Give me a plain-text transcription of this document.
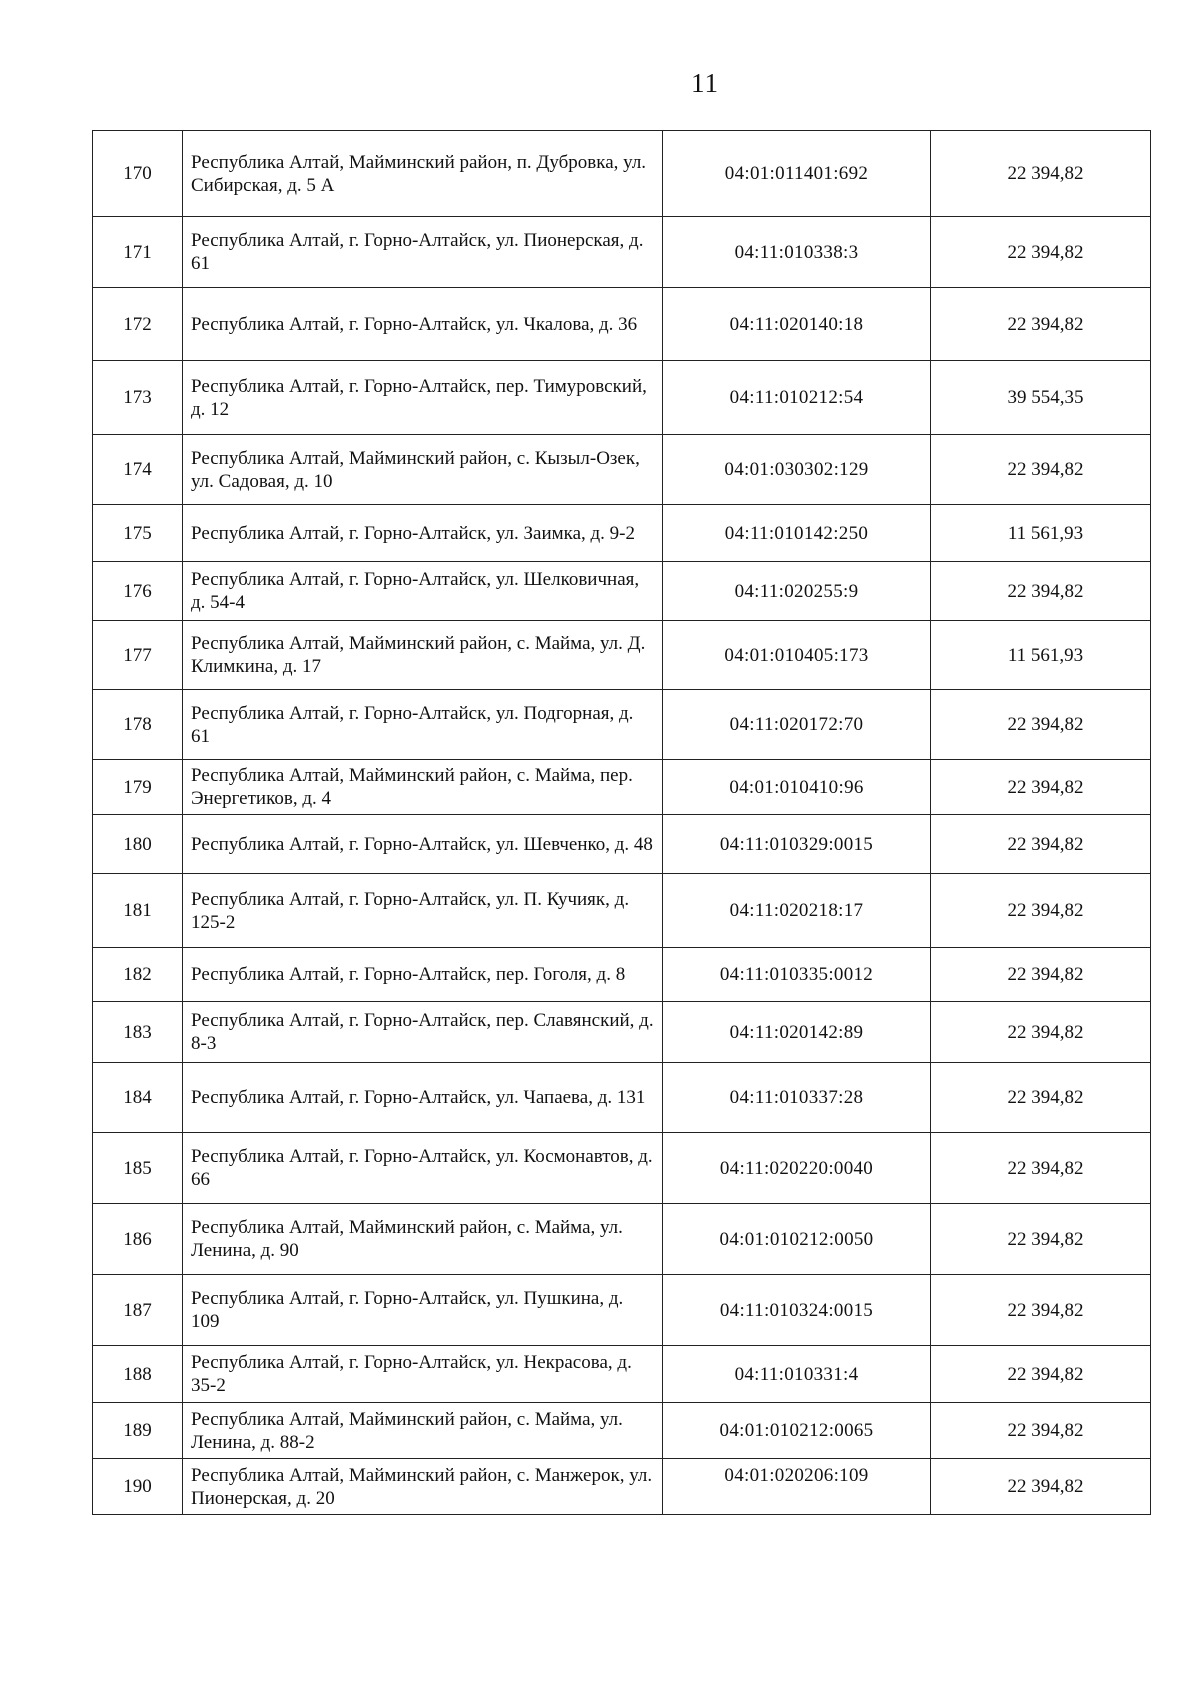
11
170	Республика Алтай, Майминский район, п. Дубровка, ул. Сибирская, д. 5 А	04:01:011401:692	22 394,82
171	Республика Алтай, г. Горно-Алтайск, ул. Пионерская, д. 61	04:11:010338:3	22 394,82
172	Республика Алтай, г. Горно-Алтайск, ул. Чкалова, д. 36	04:11:020140:18	22 394,82
173	Республика Алтай, г. Горно-Алтайск, пер. Тимуровский, д. 12	04:11:010212:54	39 554,35
174	Республика Алтай, Майминский район, с. Кызыл-Озек, ул. Садовая, д. 10	04:01:030302:129	22 394,82
175	Республика Алтай, г. Горно-Алтайск, ул. Заимка, д. 9-2	04:11:010142:250	11 561,93
176	Республика Алтай, г. Горно-Алтайск, ул. Шелковичная, д. 54-4	04:11:020255:9	22 394,82
177	Республика Алтай, Майминский район, с. Майма, ул. Д. Климкина, д. 17	04:01:010405:173	11 561,93
178	Республика Алтай, г. Горно-Алтайск, ул. Подгорная, д. 61	04:11:020172:70	22 394,82
179	Республика Алтай, Майминский район, с. Майма, пер. Энергетиков, д. 4	04:01:010410:96	22 394,82
180	Республика Алтай, г. Горно-Алтайск, ул. Шевченко, д. 48	04:11:010329:0015	22 394,82
181	Республика Алтай, г. Горно-Алтайск, ул. П. Кучияк, д. 125-2	04:11:020218:17	22 394,82
182	Республика Алтай, г. Горно-Алтайск, пер. Гоголя, д. 8	04:11:010335:0012	22 394,82
183	Республика Алтай, г. Горно-Алтайск, пер. Славянский, д. 8-3	04:11:020142:89	22 394,82
184	Республика Алтай, г. Горно-Алтайск, ул. Чапаева, д. 131	04:11:010337:28	22 394,82
185	Республика Алтай, г. Горно-Алтайск, ул. Космонавтов, д. 66	04:11:020220:0040	22 394,82
186	Республика Алтай, Майминский район, с. Майма, ул. Ленина, д. 90	04:01:010212:0050	22 394,82
187	Республика Алтай, г. Горно-Алтайск, ул. Пушкина, д. 109	04:11:010324:0015	22 394,82
188	Республика Алтай, г. Горно-Алтайск, ул. Некрасова, д. 35-2	04:11:010331:4	22 394,82
189	Республика Алтай, Майминский район, с. Майма, ул. Ленина, д. 88-2	04:01:010212:0065	22 394,82
190	Республика Алтай, Майминский район, с. Манжерок, ул. Пионерская, д. 20	04:01:020206:109	22 394,82
